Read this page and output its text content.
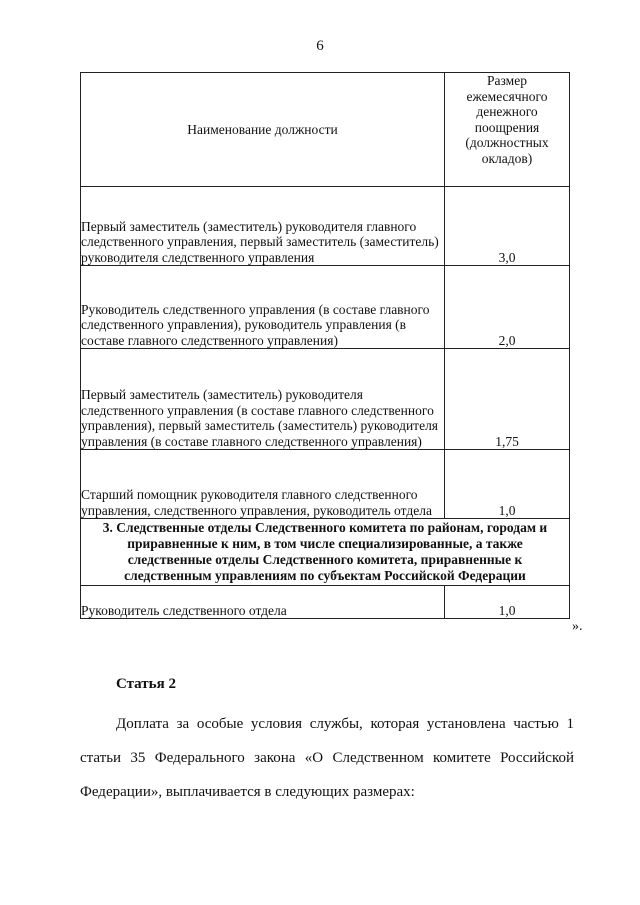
6
Наименование должности	Размер ежемесячного денежного поощрения (должностных окладов)
Первый заместитель (заместитель) руководителя главного следственного управления, первый заместитель (заместитель) руководителя следственного управления	3,0
Руководитель следственного управления (в составе главного следственного управления), руководитель управления (в составе главного следственного управления)	2,0
Первый заместитель (заместитель) руководителя следственного управления (в составе главного следственного управления), первый заместитель (заместитель) руководителя управления (в составе главного следственного управления)	1,75
Старший помощник руководителя главного следственного управления, следственного управления, руководитель отдела	1,0
3. Следственные отделы Следственного комитета по районам, городам и приравненные к ним, в том числе специализированные, а также следственные отделы Следственного комитета, приравненные к следственным управлениям по субъектам Российской Федерации	
Руководитель следственного отдела	1,0
».
Статья 2

Доплата за особые условия службы, которая установлена частью 1 статьи 35 Федерального закона «О Следственном комитете Российской Федерации», выплачивается в следующих размерах:
